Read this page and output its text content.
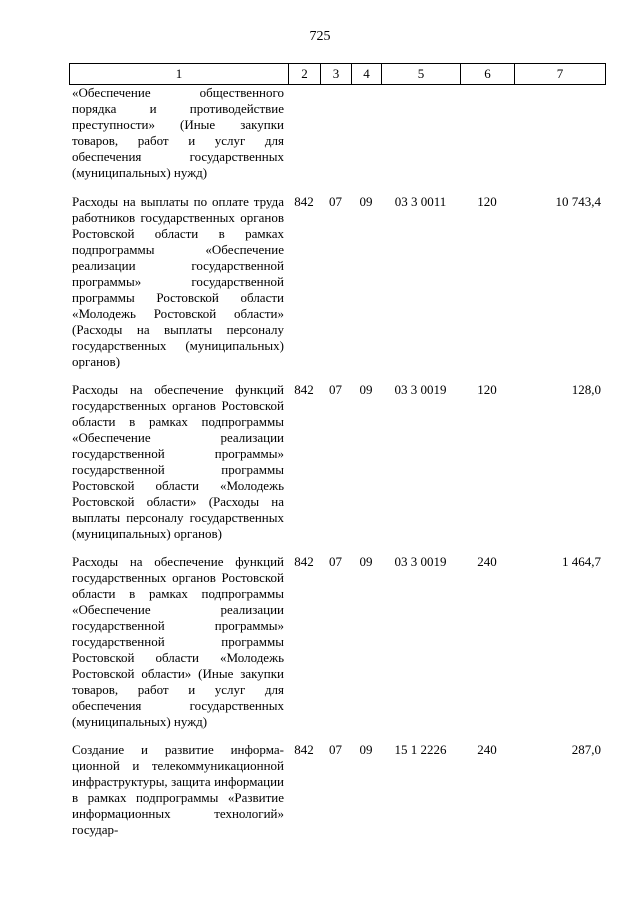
725
1	2	3	4	5	6	7
«Обеспечение общественного порядка и противодействие преступности» (Иные закупки товаров, работ и услуг для обеспечения государственных (муниципальных) нужд)						
Расходы на выплаты по оплате труда работников государственных органов Ростовской области в рамках подпрограммы «Обеспечение реализации государственной программы» государственной программы Ростовской области «Молодежь Ростовской области» (Расходы на выплаты персоналу государственных (муниципальных) органов)	842	07	09	03 3 0011	120	10 743,4
Расходы на обеспечение функций государственных органов Ростовской области в рамках подпрограммы «Обеспечение реализации государственной программы» государственной программы Ростовской области «Молодежь Ростовской области» (Расходы на выплаты персоналу государственных (муниципальных) органов)	842	07	09	03 3 0019	120	128,0
Расходы на обеспечение функций государственных органов Ростовской области в рамках подпрограммы «Обеспечение реализации государственной программы» государственной программы Ростовской области «Молодежь Ростовской области» (Иные закупки товаров, работ и услуг для обеспечения государственных (муниципальных) нужд)	842	07	09	03 3 0019	240	1 464,7
Создание и развитие информационной и телекоммуникационной инфраструктуры, защита информации в рамках подпрограммы «Развитие информационных технологий» государ-	842	07	09	15 1 2226	240	287,0
